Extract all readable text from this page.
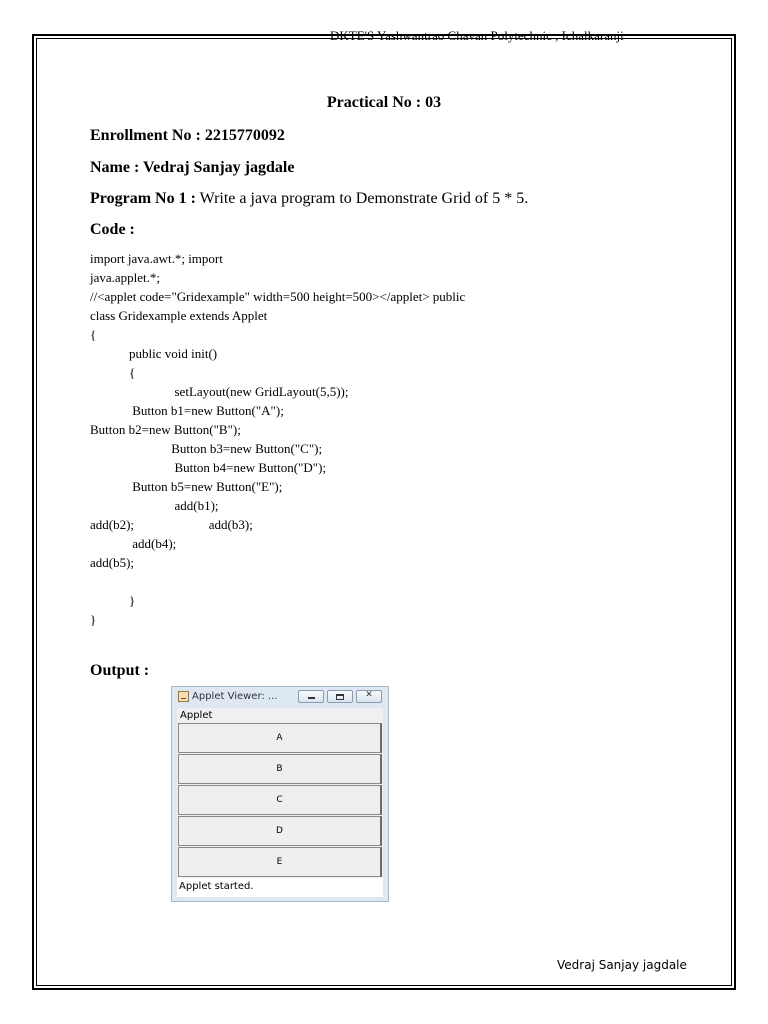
DKTE'S Yashwantrao Chavan Polytechnic , Ichalkaranji
Practical No : 03
Enrollment No : 2215770092
Name : Vedraj Sanjay jagdale
Program No 1 : Write a java program to Demonstrate Grid of 5 * 5.
Code :
import java.awt.*; import
java.applet.*;
//<applet code="Gridexample" width=500 height=500></applet> public
class Gridexample extends Applet
{
public void init()
{
setLayout(new GridLayout(5,5));
Button b1=new Button("A");
Button b2=new Button("B");
Button b3=new Button("C");
Button b4=new Button("D");
Button b5=new Button("E");
add(b1);
add(b2);                       add(b3);
add(b4);
add(b5);
}
}
Output :
Applet Viewer: ...
✕
Applet
A
B
C
D
E
Applet started.
Vedraj Sanjay jagdale
